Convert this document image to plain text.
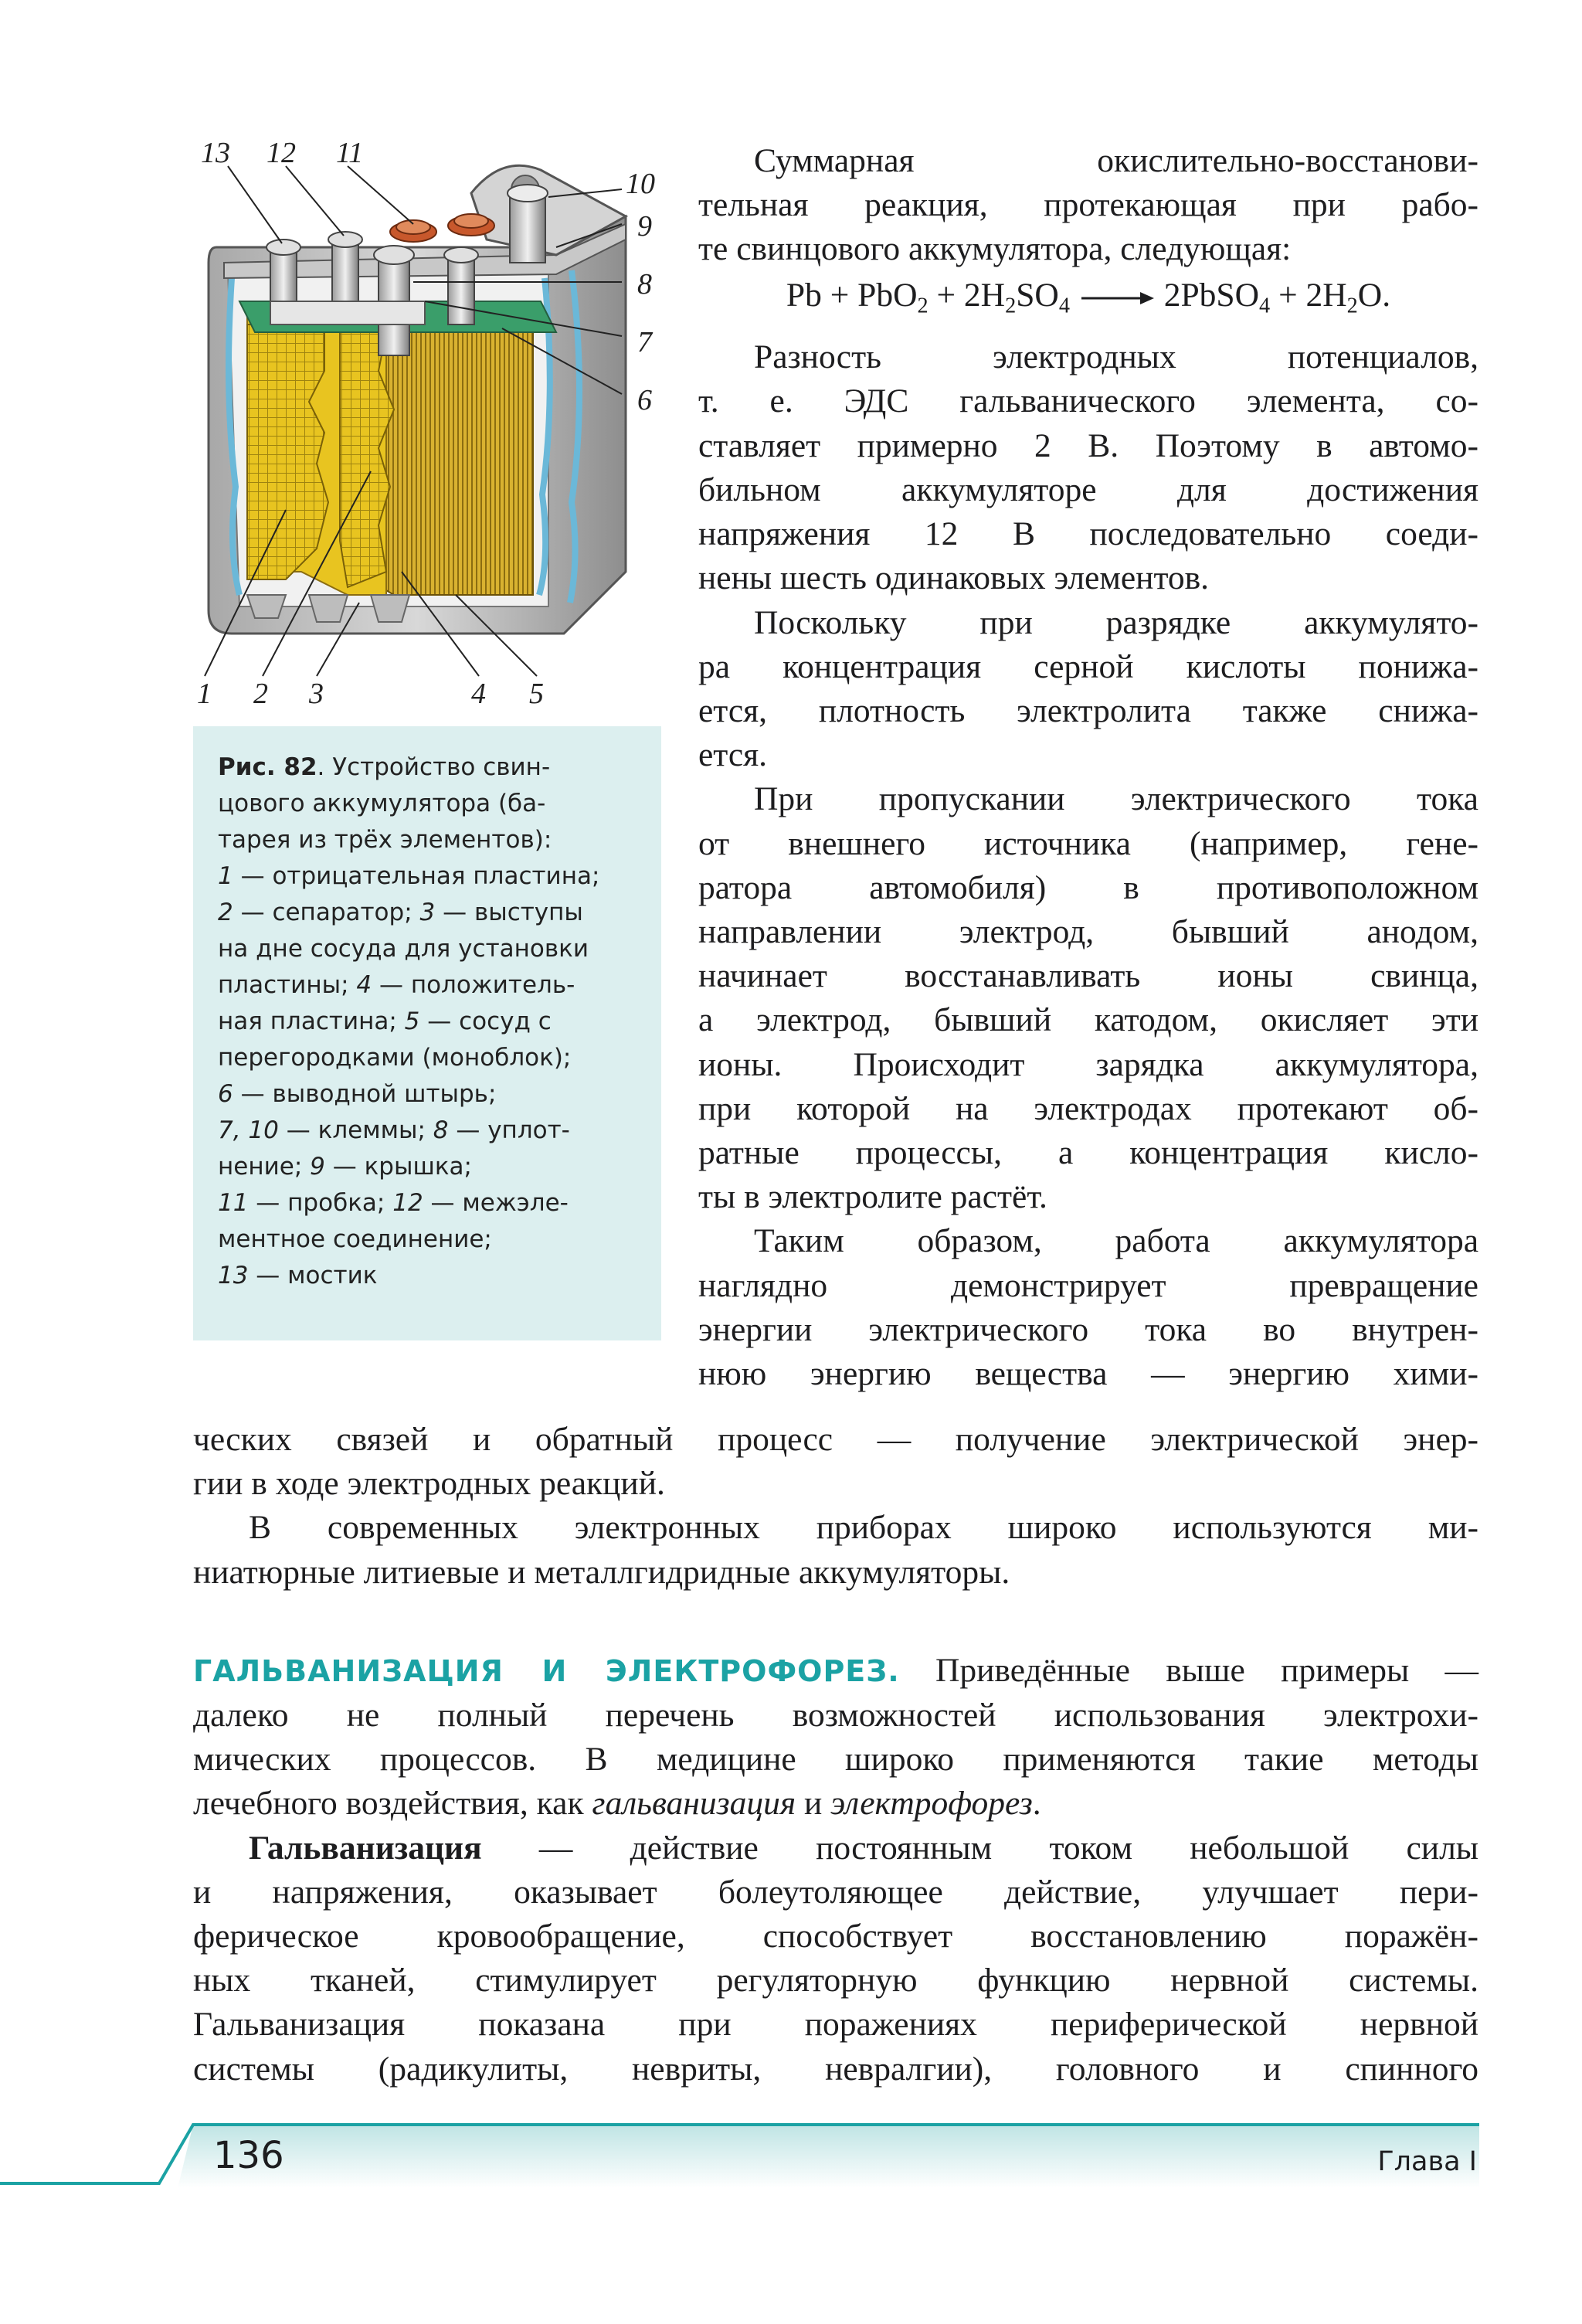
13 12 11
10
9
8
7
6
1 2 3	4 5
Рис. 82. Устройство свин-
цового аккумулятора (ба-
тарея из трёх элементов):
1 — отрицательная пластина;
2 — сепаратор; 3 — выступы
на дне сосуда для установки
пластины; 4 — положитель-
ная пластина; 5 — сосуд с
перегородками (моноблок);
6 — выводной штырь;
7, 10 — клеммы; 8 — уплот-
нение; 9 — крышка;
11 — пробка; 12 — межэле-
ментное соединение;
13 — мостик
Суммарная окислительно-восстанови-
тельная реакция, протекающая при рабо-
те свинцового аккумулятора, следующая:
$Pb + PbO_2 + 2H_2SO_4$ → 2PbSO$_4$ + $2H_2O$.
Разность электродных потенциалов,
т. е. ЭДС гальванического элемента, со-
ставляет примерно 2 В. Поэтому в автомо-
бильном аккумуляторе для достижения
напряжения 12 В последовательно соеди-
нены шесть одинаковых элементов.
Поскольку при разрядке аккумулято-
ра концентрация серной кислоты понижа-
ется, плотность электролита также снижа-
ется.
При пропускании электрического тока
от внешнего источника (например, гене-
ратора автомобиля) в противоположном
направлении электрод, бывший анодом,
начинает восстанавливать ионы свинца,
а электрод, бывший катодом, окисляет эти
ионы. Происходит зарядка аккумулятора,
при которой на электродах протекают об-
ратные процессы, а концентрация кисло-
ты в электролите растёт.
Таким образом, работа аккумулятора
наглядно демонстрирует превращение
энергии электрического тока во внутрен-
нюю энергию вещества — энергию хими-
ческих связей и обратный процесс — получение электрической энер-
гии в ходе электродных реакций.
В современных электронных приборах широко используются ми-
ниатюрные литиевые и металлгидридные аккумуляторы.
ГАЛЬВАНИЗАЦИЯ И ЭЛЕКТРОФОРЕЗ. Приведённые выше примеры —
далеко не полный перечень возможностей использования электрохи-
мических процессов. В медицине широко применяются такие методы
лечебного воздействия, как гальванизация и электрофорез.
Гальванизация — действие постоянным током небольшой силы
и напряжения, оказывает болеутоляющее действие, улучшает пери-
ферическое кровообращение, способствует восстановлению поражён-
ных тканей, стимулирует регуляторную функцию нервной системы.
Гальванизация показана при поражениях периферической нервной
системы (радикулиты, невриты, невралгии), головного и спинного
136	Глава I
